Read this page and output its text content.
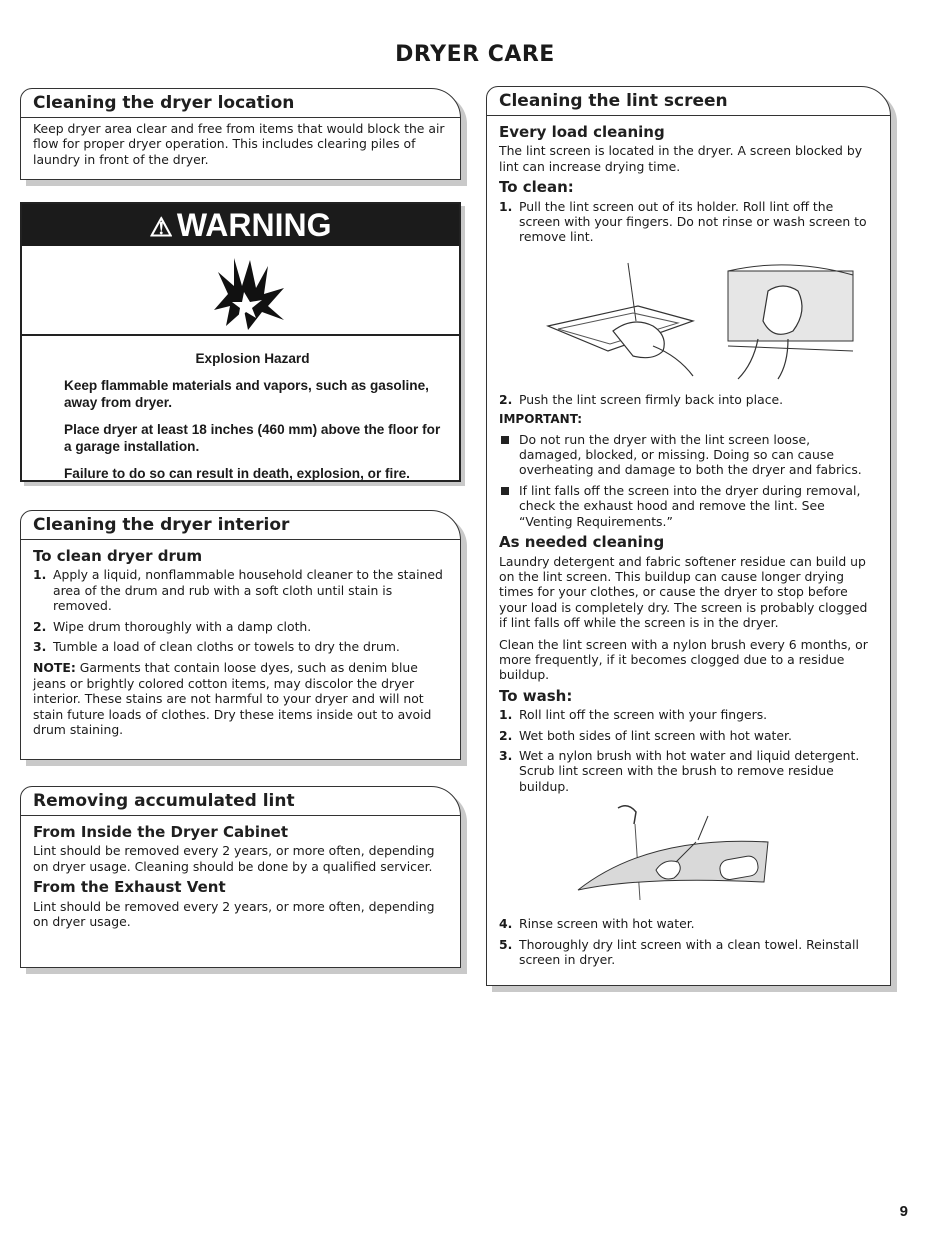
DRYER CARE
Cleaning the dryer location

Keep dryer area clear and free from items that would block the air flow for proper dryer operation. This includes clearing piles of laundry in front of the dryer.

⚠ WARNING
Explosion Hazard

Keep flammable materials and vapors, such as gasoline, away from dryer.

Place dryer at least 18 inches (460 mm) above the floor for a garage installation.

Failure to do so can result in death, explosion, or fire.

Cleaning the dryer interior
To clean dryer drum
1. Apply a liquid, nonflammable household cleaner to the stained area of the drum and rub with a soft cloth until stain is removed.
2. Wipe drum thoroughly with a damp cloth.
3. Tumble a load of clean cloths or towels to dry the drum.

NOTE: Garments that contain loose dyes, such as denim blue jeans or brightly colored cotton items, may discolor the dryer interior. These stains are not harmful to your dryer and will not stain future loads of clothes. Dry these items inside out to avoid drum staining.

Removing accumulated lint
From Inside the Dryer Cabinet

Lint should be removed every 2 years, or more often, depending on dryer usage. Cleaning should be done by a qualified servicer.

From the Exhaust Vent

Lint should be removed every 2 years, or more often, depending on dryer usage.

Cleaning the lint screen
Every load cleaning

The lint screen is located in the dryer. A screen blocked by lint can increase drying time.

To clean:
1. Pull the lint screen out of its holder. Roll lint off the screen with your fingers. Do not rinse or wash screen to remove lint.
2. Push the lint screen firmly back into place.
IMPORTANT:
Do not run the dryer with the lint screen loose, damaged, blocked, or missing. Doing so can cause overheating and damage to both the dryer and fabrics.
If lint falls off the screen into the dryer during removal, check the exhaust hood and remove the lint. See “Venting Requirements.”
As needed cleaning

Laundry detergent and fabric softener residue can build up on the lint screen. This buildup can cause longer drying times for your clothes, or cause the dryer to stop before your load is completely dry. The screen is probably clogged if lint falls off while the screen is in the dryer.

Clean the lint screen with a nylon brush every 6 months, or more frequently, if it becomes clogged due to a residue buildup.

To wash:
1. Roll lint off the screen with your fingers.
2. Wet both sides of lint screen with hot water.
3. Wet a nylon brush with hot water and liquid detergent. Scrub lint screen with the brush to remove residue buildup.
4. Rinse screen with hot water.
5. Thoroughly dry lint screen with a clean towel. Reinstall screen in dryer.
9
